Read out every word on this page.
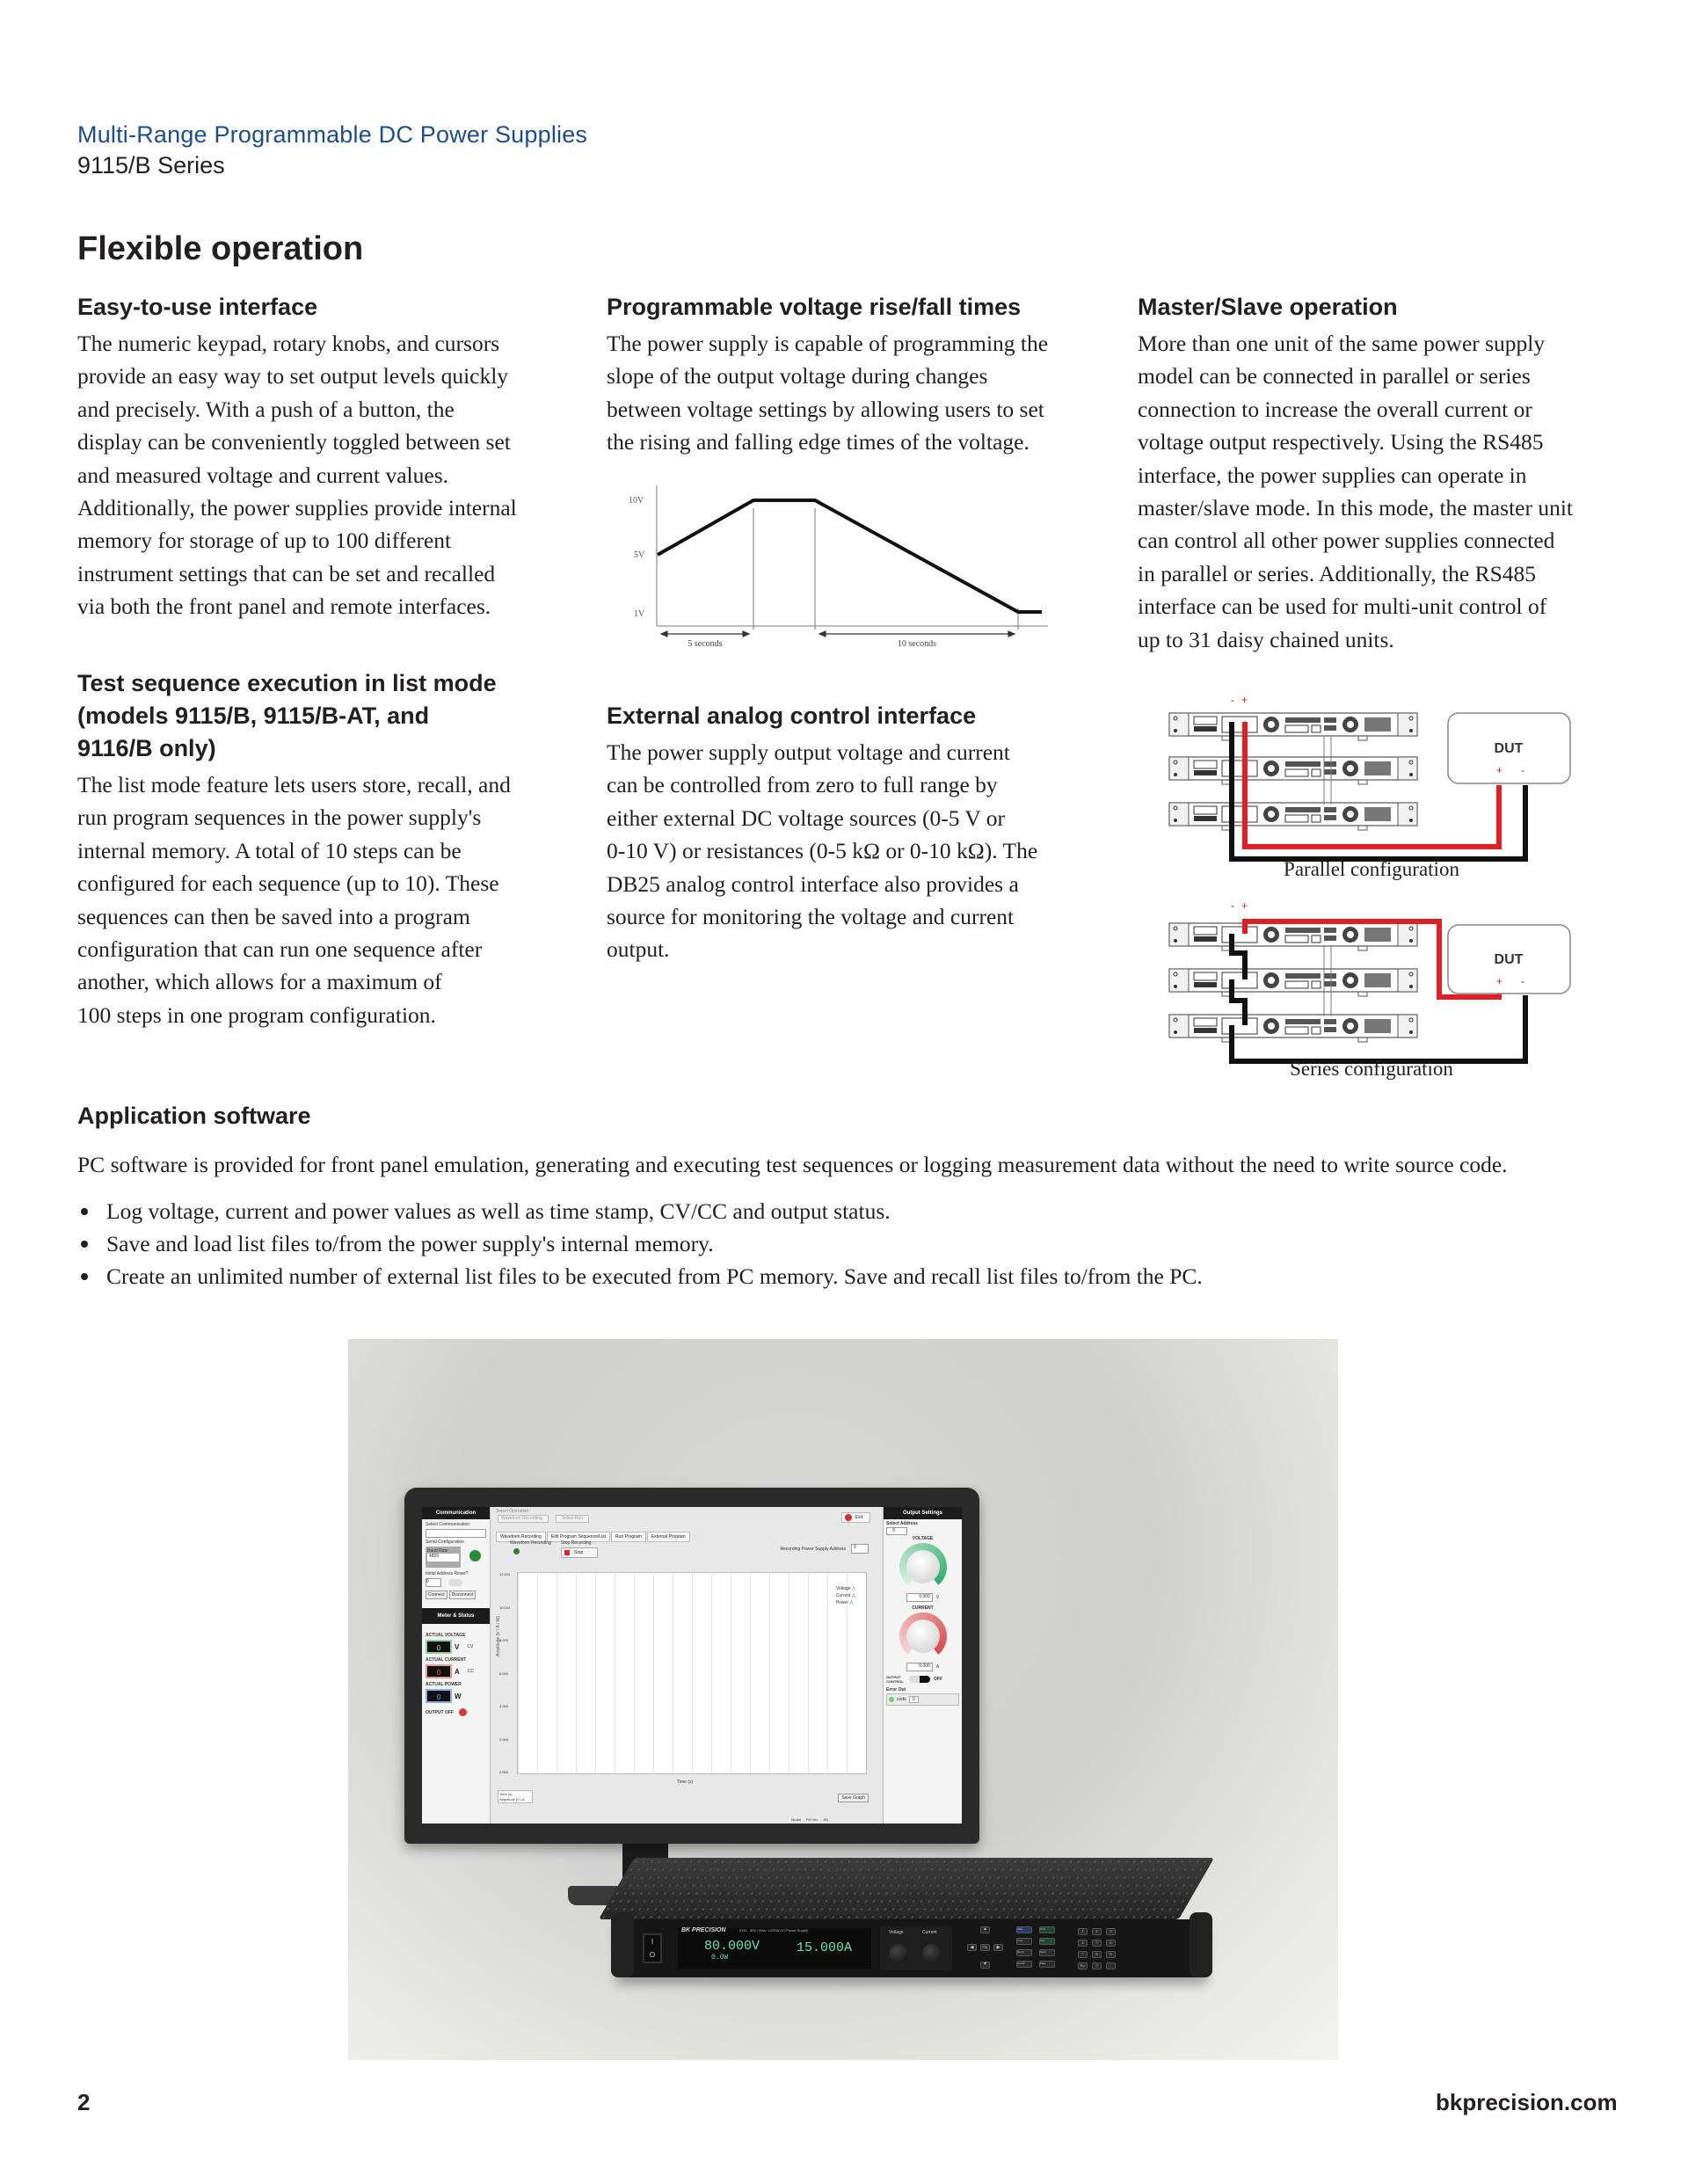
Multi-Range Programmable DC Power Supplies
9115/B Series
Flexible operation
Easy-to-use interface
The numeric keypad, rotary knobs, and cursors
provide an easy way to set output levels quickly
and precisely. With a push of a button, the
display can be conveniently toggled between set
and measured voltage and current values.
Additionally, the power supplies provide internal
memory for storage of up to 100 different
instrument settings that can be set and recalled
via both the front panel and remote interfaces.
Test sequence execution in list mode
(models 9115/B, 9115/B-AT, and
9116/B only)
The list mode feature lets users store, recall, and
run program sequences in the power supply's
internal memory. A total of 10 steps can be
configured for each sequence (up to 10). These
sequences can then be saved into a program
configuration that can run one sequence after
another, which allows for a maximum of
100 steps in one program configuration.
Programmable voltage rise/fall times
The power supply is capable of programming the
slope of the output voltage during changes
between voltage settings by allowing users to set
the rising and falling edge times of the voltage.
10V
5V
1V
5 seconds	10 seconds
External analog control interface
The power supply output voltage and current
can be controlled from zero to full range by
either external DC voltage sources (0-5 V or
0-10 V) or resistances (0-5 kΩ or 0-10 kΩ). The
DB25 analog control interface also provides a
source for monitoring the voltage and current
output.
Master/Slave operation
More than one unit of the same power supply
model can be connected in parallel or series
connection to increase the overall current or
voltage output respectively. Using the RS485
interface, the power supplies can operate in
master/slave mode. In this mode, the master unit
can control all other power supplies connected
in parallel or series. Additionally, the RS485
interface can be used for multi-unit control of
up to 31 daisy chained units.
- +
DUT
+ -
Parallel configuration
- +
DUT
+ -
Series configuration
Application software
PC software is provided for front panel emulation, generating and executing test sequences or logging measurement data without the need to write source code.
Log voltage, current and power values as well as time stamp, CV/CC and output status.
Save and load list files to/from the power supply's internal memory.
Create an unlimited number of external list files to be executed from PC memory. Save and recall list files to/from the PC.
Communication
Select Communication
Serial Configuration
Baud Rate
4800
Initial Address Reset?
0
Connect	Disconnect
Meter & Status
ACTUAL VOLTAGE
0	V CV
ACTUAL CURRENT
0	A CC
ACTUAL POWER
0	W
OUTPUT OFF
Select Operation
Waveform Recording	Select Run	Exit
Waveform Recording Edit Program Sequence/List Run Program External Program
Waveform Recording Stop Recording
Stop
Recording Power Supply Address	0
Amplitude (V / A / W)
12.000
10.000
8.000
6.000
4.000
2.000
0.000
Voltage ⋀
Current ⋀
Power ⋀
Time (s)
Time (s)
Amplitude (V / A	Save Graph
Model FW Ver. SN
Output Settings
Select Address
0
VOLTAGE
0.000	V
CURRENT
0.000	A
OUTPUT CONTROL	OFF
Error Out
code	0
I
O
BK PRECISION	9115 80V / 60A / 1200W DC Power Supply
80.000V
0.0W
15.000A
Voltage	Current
▲
◀	OK	▶
▼
Shift
V-set
Recall
On/Off
OVP
I-set
Meter
Enter
1	2	3
4	5	6
7	8	9
Esc	0	.
2	bkprecision.com
